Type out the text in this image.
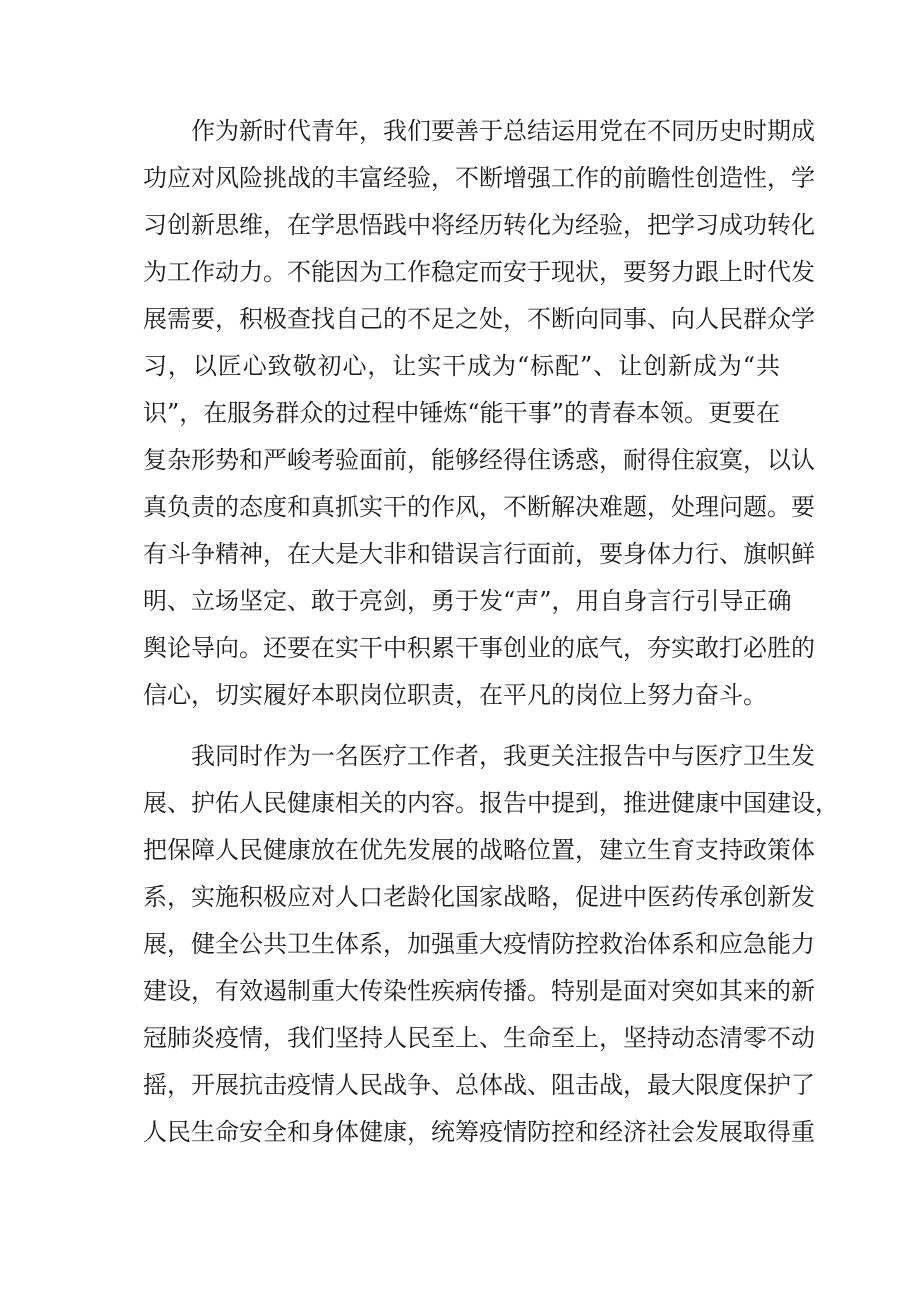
作为新时代青年，我们要善于总结运用党在不同历史时期成

功应对风险挑战的丰富经验，不断增强工作的前瞻性创造性，学

习创新思维，在学思悟践中将经历转化为经验，把学习成功转化

为工作动力。不能因为工作稳定而安于现状，要努力跟上时代发

展需要，积极查找自己的不足之处，不断向同事、向人民群众学

习，以匠心致敬初心，让实干成为“标配”、让创新成为“共

识”，在服务群众的过程中锤炼“能干事”的青春本领。更要在

复杂形势和严峻考验面前，能够经得住诱惑，耐得住寂寞，以认

真负责的态度和真抓实干的作风，不断解决难题，处理问题。要

有斗争精神，在大是大非和错误言行面前，要身体力行、旗帜鲜

明、立场坚定、敢于亮剑，勇于发“声”，用自身言行引导正确

舆论导向。还要在实干中积累干事创业的底气，夯实敢打必胜的

信心，切实履好本职岗位职责，在平凡的岗位上努力奋斗。

我同时作为一名医疗工作者，我更关注报告中与医疗卫生发

展、护佑人民健康相关的内容。报告中提到，推进健康中国建设，

把保障人民健康放在优先发展的战略位置，建立生育支持政策体

系，实施积极应对人口老龄化国家战略，促进中医药传承创新发

展，健全公共卫生体系，加强重大疫情防控救治体系和应急能力

建设，有效遏制重大传染性疾病传播。特别是面对突如其来的新

冠肺炎疫情，我们坚持人民至上、生命至上，坚持动态清零不动

摇，开展抗击疫情人民战争、总体战、阻击战，最大限度保护了

人民生命安全和身体健康，统筹疫情防控和经济社会发展取得重
